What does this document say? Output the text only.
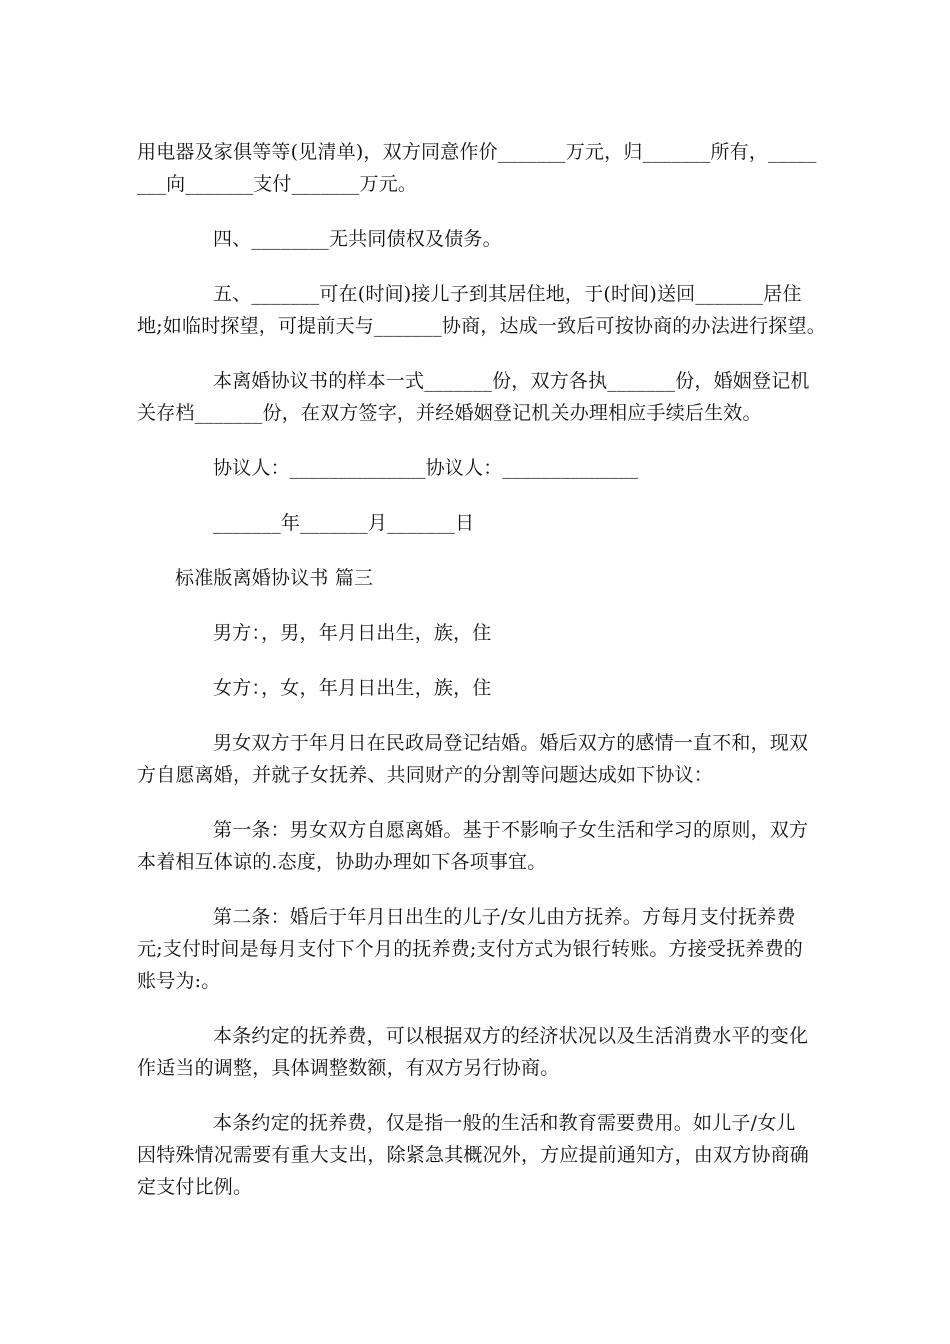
用电器及家俱等等(见清单)，双方同意作价_______万元，归_______所有，_____
___向_______支付_______万元。
四、________无共同债权及债务。
五、_______可在(时间)接儿子到其居住地，于(时间)送回_______居住
地;如临时探望，可提前天与_______协商，达成一致后可按协商的办法进行探望。
本离婚协议书的样本一式_______份，双方各执_______份，婚姻登记机
关存档_______份，在双方签字，并经婚姻登记机关办理相应手续后生效。
协议人：______________协议人：______________
_______年_______月_______日
标准版离婚协议书 篇三
男方：，男，年月日出生，族，住
女方：，女，年月日出生，族，住
男女双方于年月日在民政局登记结婚。婚后双方的感情一直不和，现双
方自愿离婚，并就子女抚养、共同财产的分割等问题达成如下协议：
第一条：男女双方自愿离婚。基于不影响子女生活和学习的原则，双方
本着相互体谅的.态度，协助办理如下各项事宜。
第二条：婚后于年月日出生的儿子/女儿由方抚养。方每月支付抚养费
元;支付时间是每月支付下个月的抚养费;支付方式为银行转账。方接受抚养费的
账号为:。
本条约定的抚养费，可以根据双方的经济状况以及生活消费水平的变化
作适当的调整，具体调整数额，有双方另行协商。
本条约定的抚养费，仅是指一般的生活和教育需要费用。如儿子/女儿
因特殊情况需要有重大支出，除紧急其概况外，方应提前通知方，由双方协商确
定支付比例。
